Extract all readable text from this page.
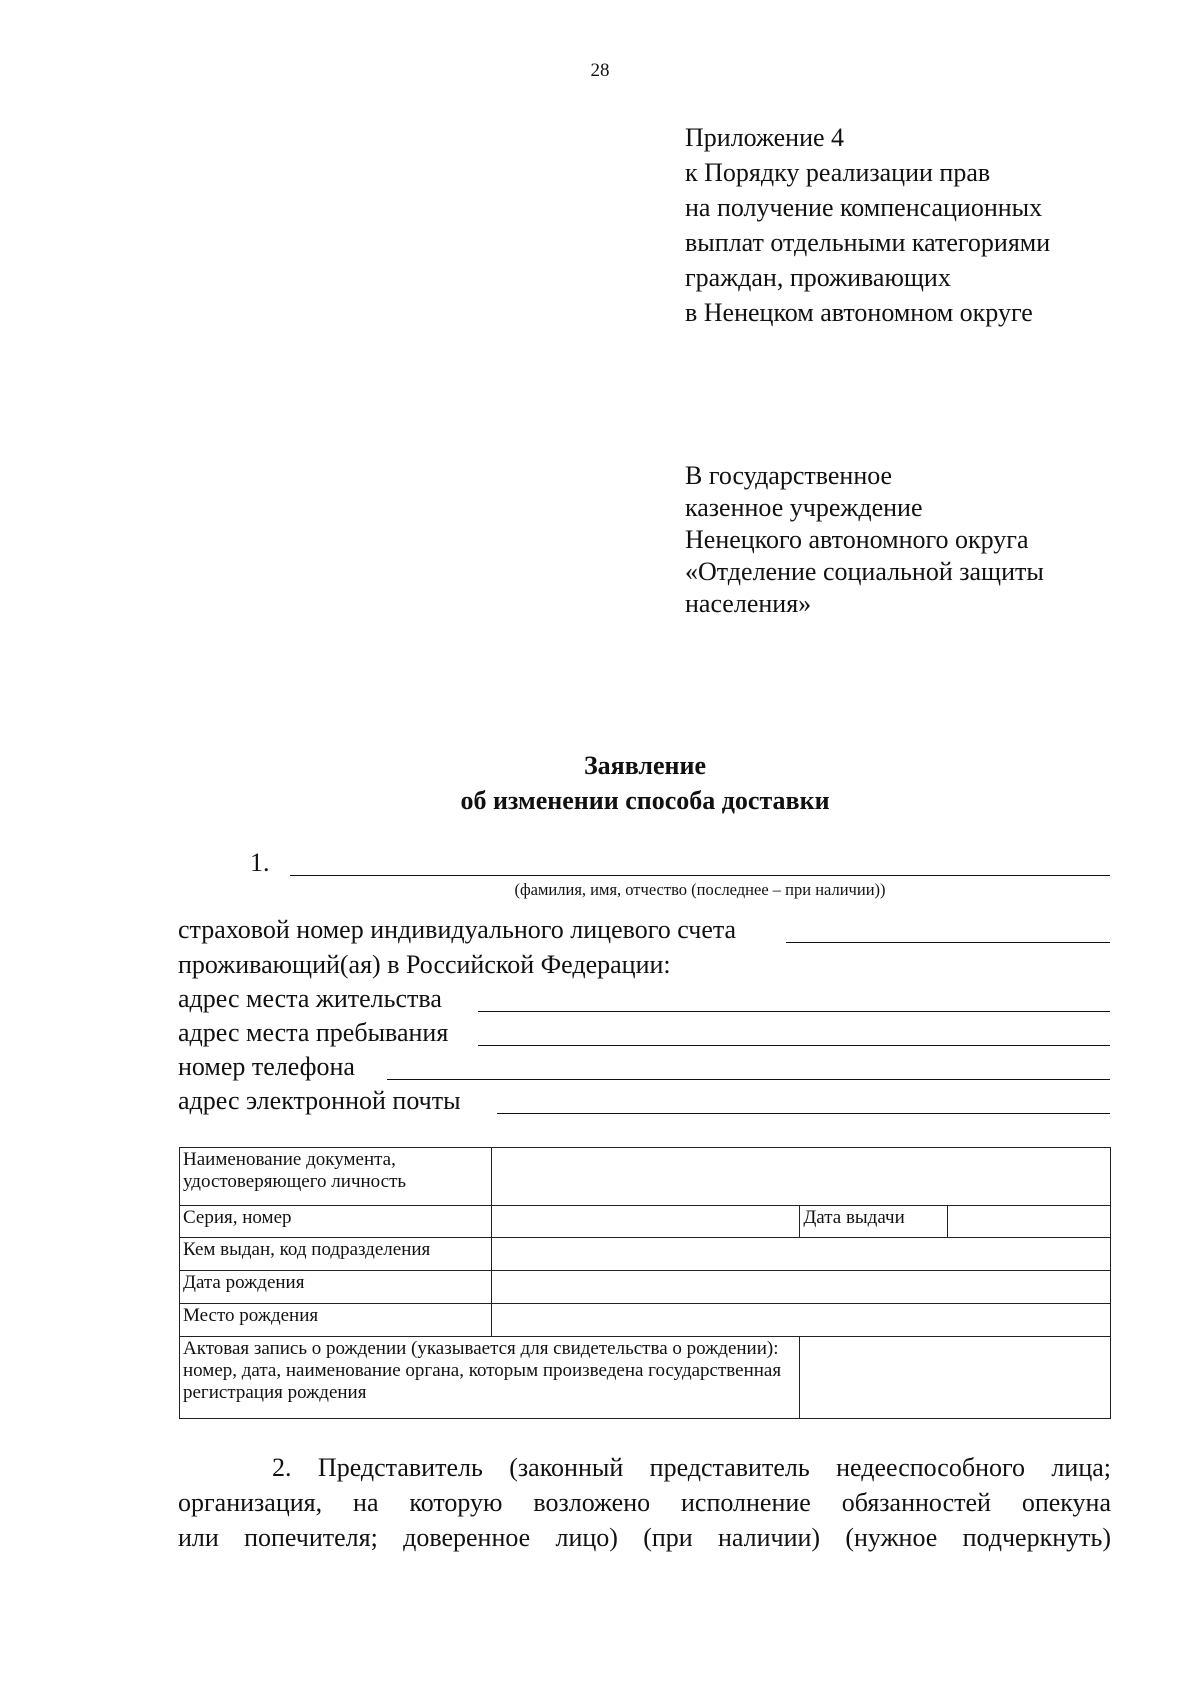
28
Приложение 4
к Порядку реализации прав
на получение компенсационных
выплат отдельными категориями
граждан, проживающих
в Ненецком автономном округе
В государственное
казенное учреждение
Ненецкого автономного округа
«Отделение социальной защиты
населения»
Заявление
об изменении способа доставки
1.
(фамилия, имя, отчество (последнее – при наличии))
страховой номер индивидуального лицевого счета
проживающий(ая) в Российской Федерации:
адрес места жительства
адрес места пребывания
номер телефона
адрес электронной почты
Наименование документа, удостоверяющего личность			
Серия, номер		Дата выдачи	
Кем выдан, код подразделения			
Дата рождения			
Место рождения			
Актовая запись о рождении (указывается для свидетельства о рождении): номер, дата, наименование органа, которым произведена государственная регистрация рождения			
2. Представитель (законный представитель недееспособного лица;
организация, на которую возложено исполнение обязанностей опекуна
или попечителя; доверенное лицо) (при наличии) (нужное подчеркнуть)
